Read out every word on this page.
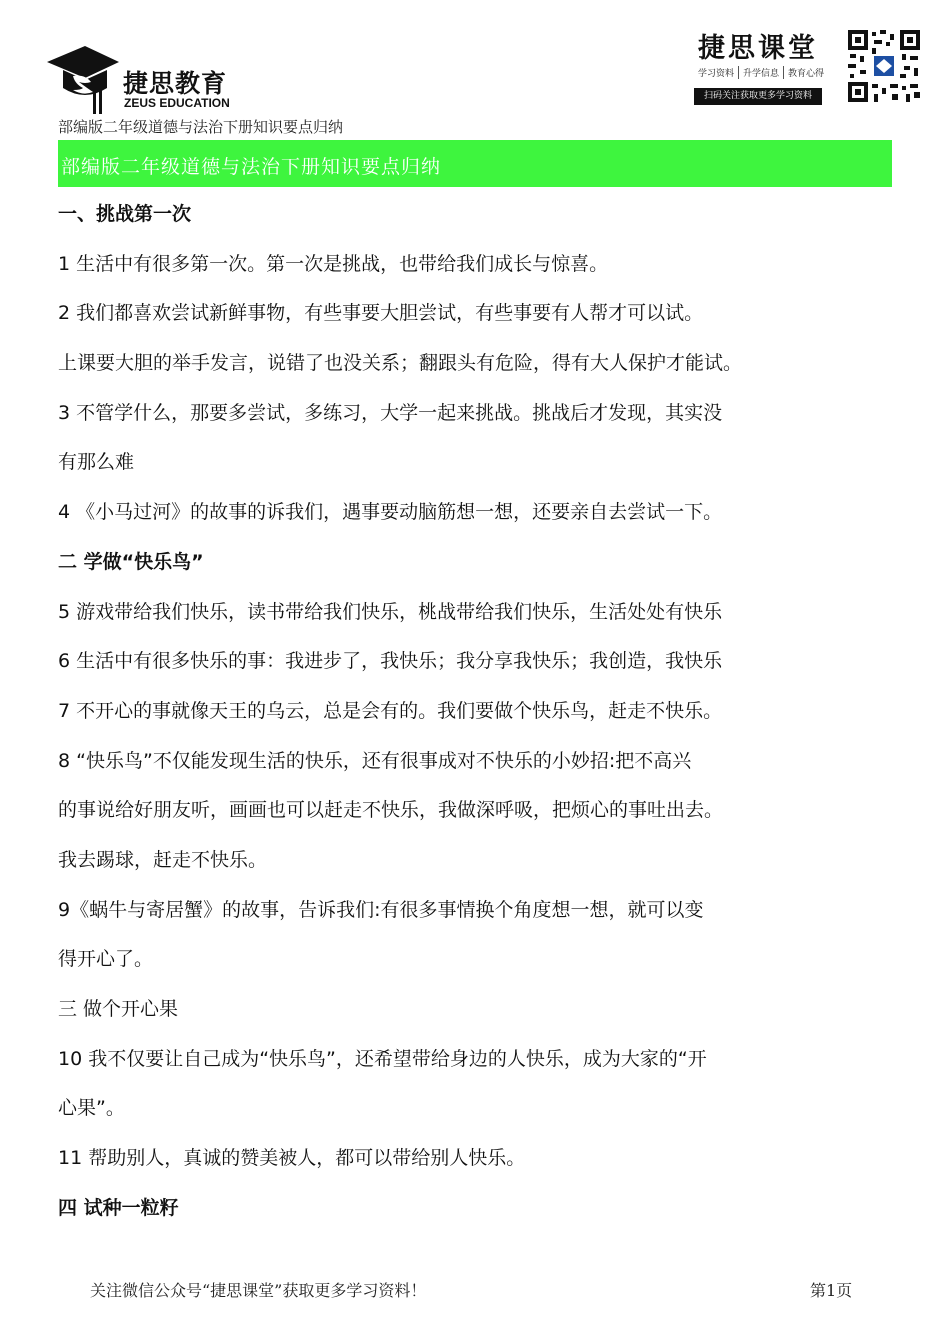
捷思教育
ZEUS EDUCATION
捷思课堂
学习资料	升学信息	教育心得
扫码关注获取更多学习资料
部编版二年级道德与法治下册知识要点归纳
部编版二年级道德与法治下册知识要点归纳
一、挑战第一次
1 生活中有很多第一次。第一次是挑战，也带给我们成长与惊喜。
2 我们都喜欢尝试新鲜事物，有些事要大胆尝试，有些事要有人帮才可以试。
上课要大胆的举手发言，说错了也没关系；翻跟头有危险，得有大人保护才能试。
3 不管学什么，那要多尝试，多练习，大学一起来挑战。挑战后才发现，其实没
有那么难
4 《小马过河》的故事的诉我们，遇事要动脑筋想一想，还要亲自去尝试一下。
二 学做“快乐鸟”
5 游戏带给我们快乐，读书带给我们快乐，桃战带给我们快乐，生活处处有快乐
6 生活中有很多快乐的事：我进步了，我快乐；我分享我快乐；我创造，我快乐
7 不开心的事就像天王的乌云，总是会有的。我们要做个快乐鸟，赶走不快乐。
8 “快乐鸟”不仅能发现生活的快乐，还有很事成对不快乐的小妙招:把不高兴
的事说给好朋友听，画画也可以赶走不快乐，我做深呼吸，把烦心的事吐出去。
我去踢球，赶走不快乐。
9《蜗牛与寄居蟹》的故事，告诉我们:有很多事情换个角度想一想，就可以变
得开心了。
三 做个开心果
10 我不仅要让自己成为“快乐鸟”，还希望带给身边的人快乐，成为大家的“开
心果”。
11 帮助别人，真诚的赞美被人，都可以带给别人快乐。
四 试种一粒籽
关注微信公众号“捷思课堂”获取更多学习资料！	第1页
